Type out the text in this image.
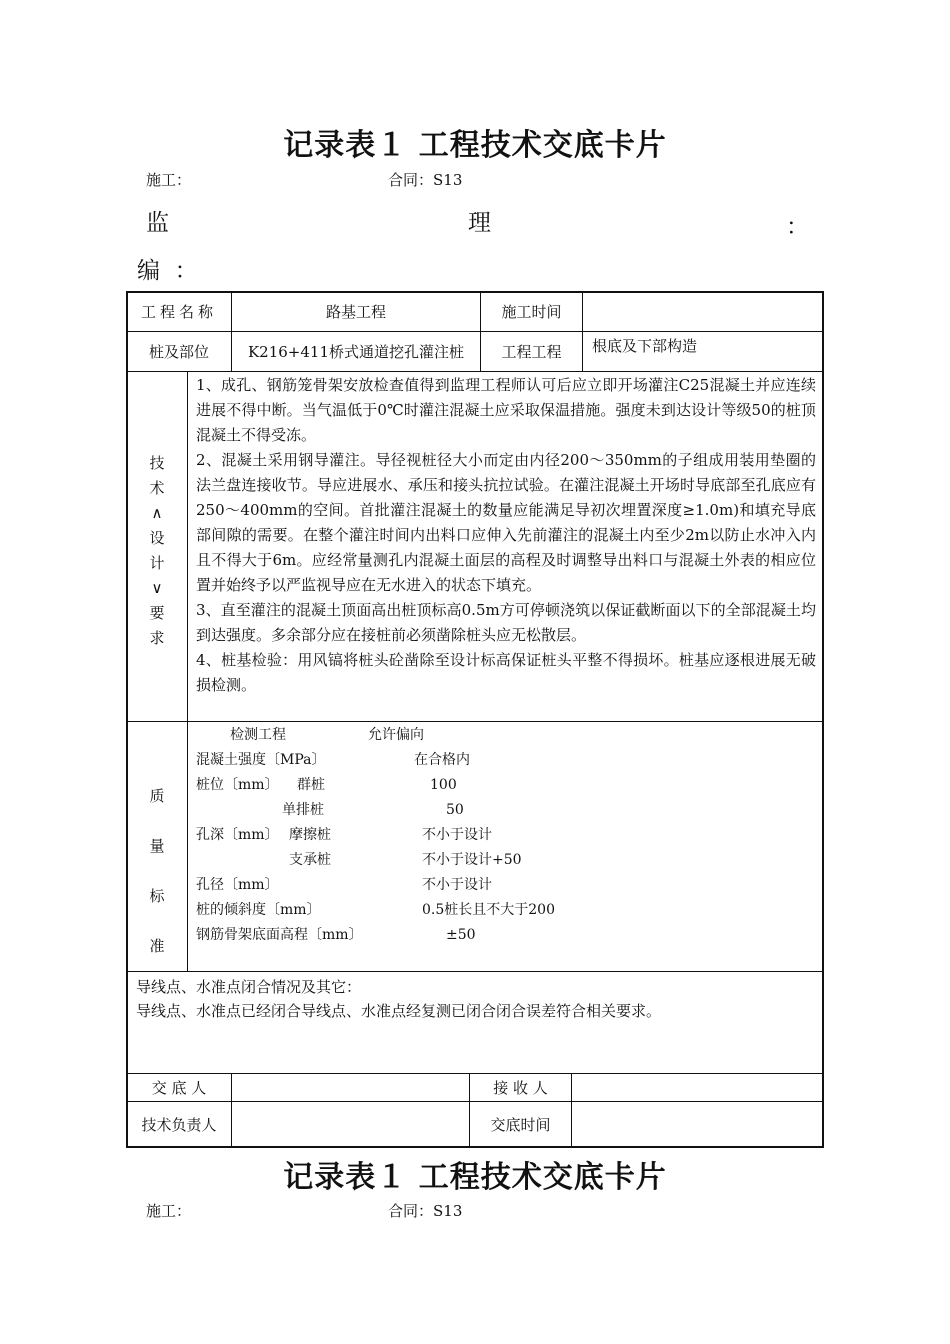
记录表１ 工程技术交底卡片
施工：	合同：S13
监	理	：
编  ：
工程名称	路基工程	施工时间
桩及部位	K216+411桥式通道挖孔灌注桩	工程工程	根底及下部构造
技
术
∧
设
计
∨
要
求
1、成孔、钢筋笼骨架安放检查值得到监理工程师认可后应立即开场灌注C25混凝土并应连续进展不得中断。当气温低于0℃时灌注混凝土应采取保温措施。强度未到达设计等级50的桩顶混凝土不得受冻。
2、混凝土采用钢导灌注。导径视桩径大小而定由内径200～350mm的子组成用装用垫圈的法兰盘连接收节。导应进展水、承压和接头抗拉试验。在灌注混凝土开场时导底部至孔底应有250～400mm的空间。首批灌注混凝土的数量应能满足导初次埋置深度≥1.0m)和填充导底部间隙的需要。在整个灌注时间内出料口应伸入先前灌注的混凝土内至少2m以防止水冲入内且不得大于6m。应经常量测孔内混凝土面层的高程及时调整导出料口与混凝土外表的相应位置并始终予以严监视导应在无水进入的状态下填充。
3、直至灌注的混凝土顶面高出桩顶标高0.5m方可停顿浇筑以保证截断面以下的全部混凝土均到达强度。多余部分应在接桩前必须凿除桩头应无松散层。
4、桩基检验：用风镐将桩头砼凿除至设计标高保证桩头平整不得损坏。桩基应逐根进展无破损检测。
质
量
标
准
检测工程	允许偏向
混凝土强度〔MPa〕	在合格内
桩位〔mm〕 群桩	100
单排桩	50
孔深〔mm〕 摩擦桩	不小于设计
支承桩	不小于设计+50
孔径〔mm〕	不小于设计
桩的倾斜度〔mm〕	0.5桩长且不大于200
钢筋骨架底面高程〔mm〕	±50
导线点、水准点闭合情况及其它：
导线点、水准点已经闭合导线点、水准点经复测已闭合闭合误差符合相关要求。
交 底 人	接 收 人
技术负责人	交底时间
记录表１ 工程技术交底卡片
施工：	合同：S13
